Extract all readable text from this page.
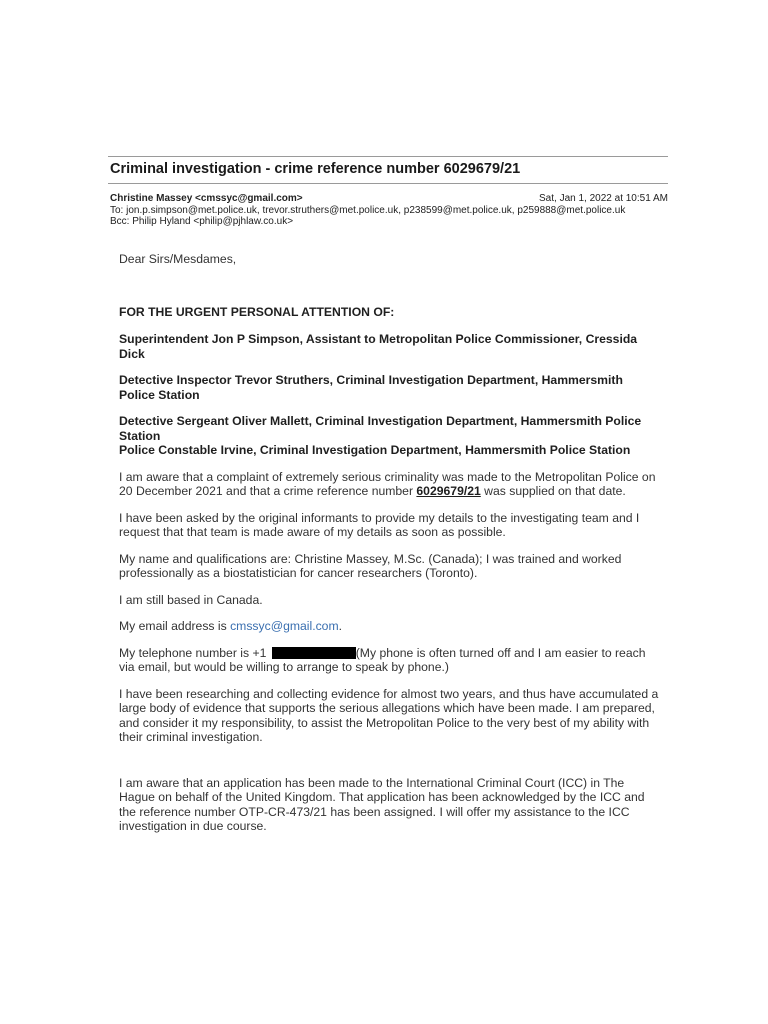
Criminal investigation - crime reference number 6029679/21
Christine Massey <cmssyc@gmail.com>	Sat, Jan 1, 2022 at 10:51 AM
To: jon.p.simpson@met.police.uk, trevor.struthers@met.police.uk, p238599@met.police.uk, p259888@met.police.uk
Bcc: Philip Hyland <philip@pjhlaw.co.uk>

Dear Sirs/Mesdames,

FOR THE URGENT PERSONAL ATTENTION OF:

Superintendent Jon P Simpson, Assistant to Metropolitan Police Commissioner, Cressida Dick

Detective Inspector Trevor Struthers, Criminal Investigation Department, Hammersmith Police Station

Detective Sergeant Oliver Mallett, Criminal Investigation Department, Hammersmith Police Station

Police Constable Irvine, Criminal Investigation Department, Hammersmith Police Station

I am aware that a complaint of extremely serious criminality was made to the Metropolitan Police on 20 December 2021 and that a crime reference number 6029679/21 was supplied on that date.

I have been asked by the original informants to provide my details to the investigating team and I request that that team is made aware of my details as soon as possible.

My name and qualifications are: Christine Massey, M.Sc. (Canada); I was trained and worked professionally as a biostatistician for cancer researchers (Toronto).

I am still based in Canada.

My email address is cmssyc@gmail.com.

My telephone number is +1	(My phone is often turned off and I am easier to reach via email, but would be willing to arrange to speak by phone.)

I have been researching and collecting evidence for almost two years, and thus have accumulated a large body of evidence that supports the serious allegations which have been made. I am prepared, and consider it my responsibility, to assist the Metropolitan Police to the very best of my ability with their criminal investigation.

I am aware that an application has been made to the International Criminal Court (ICC) in The Hague on behalf of the United Kingdom. That application has been acknowledged by the ICC and the reference number OTP-CR-473/21 has been assigned. I will offer my assistance to the ICC investigation in due course.
